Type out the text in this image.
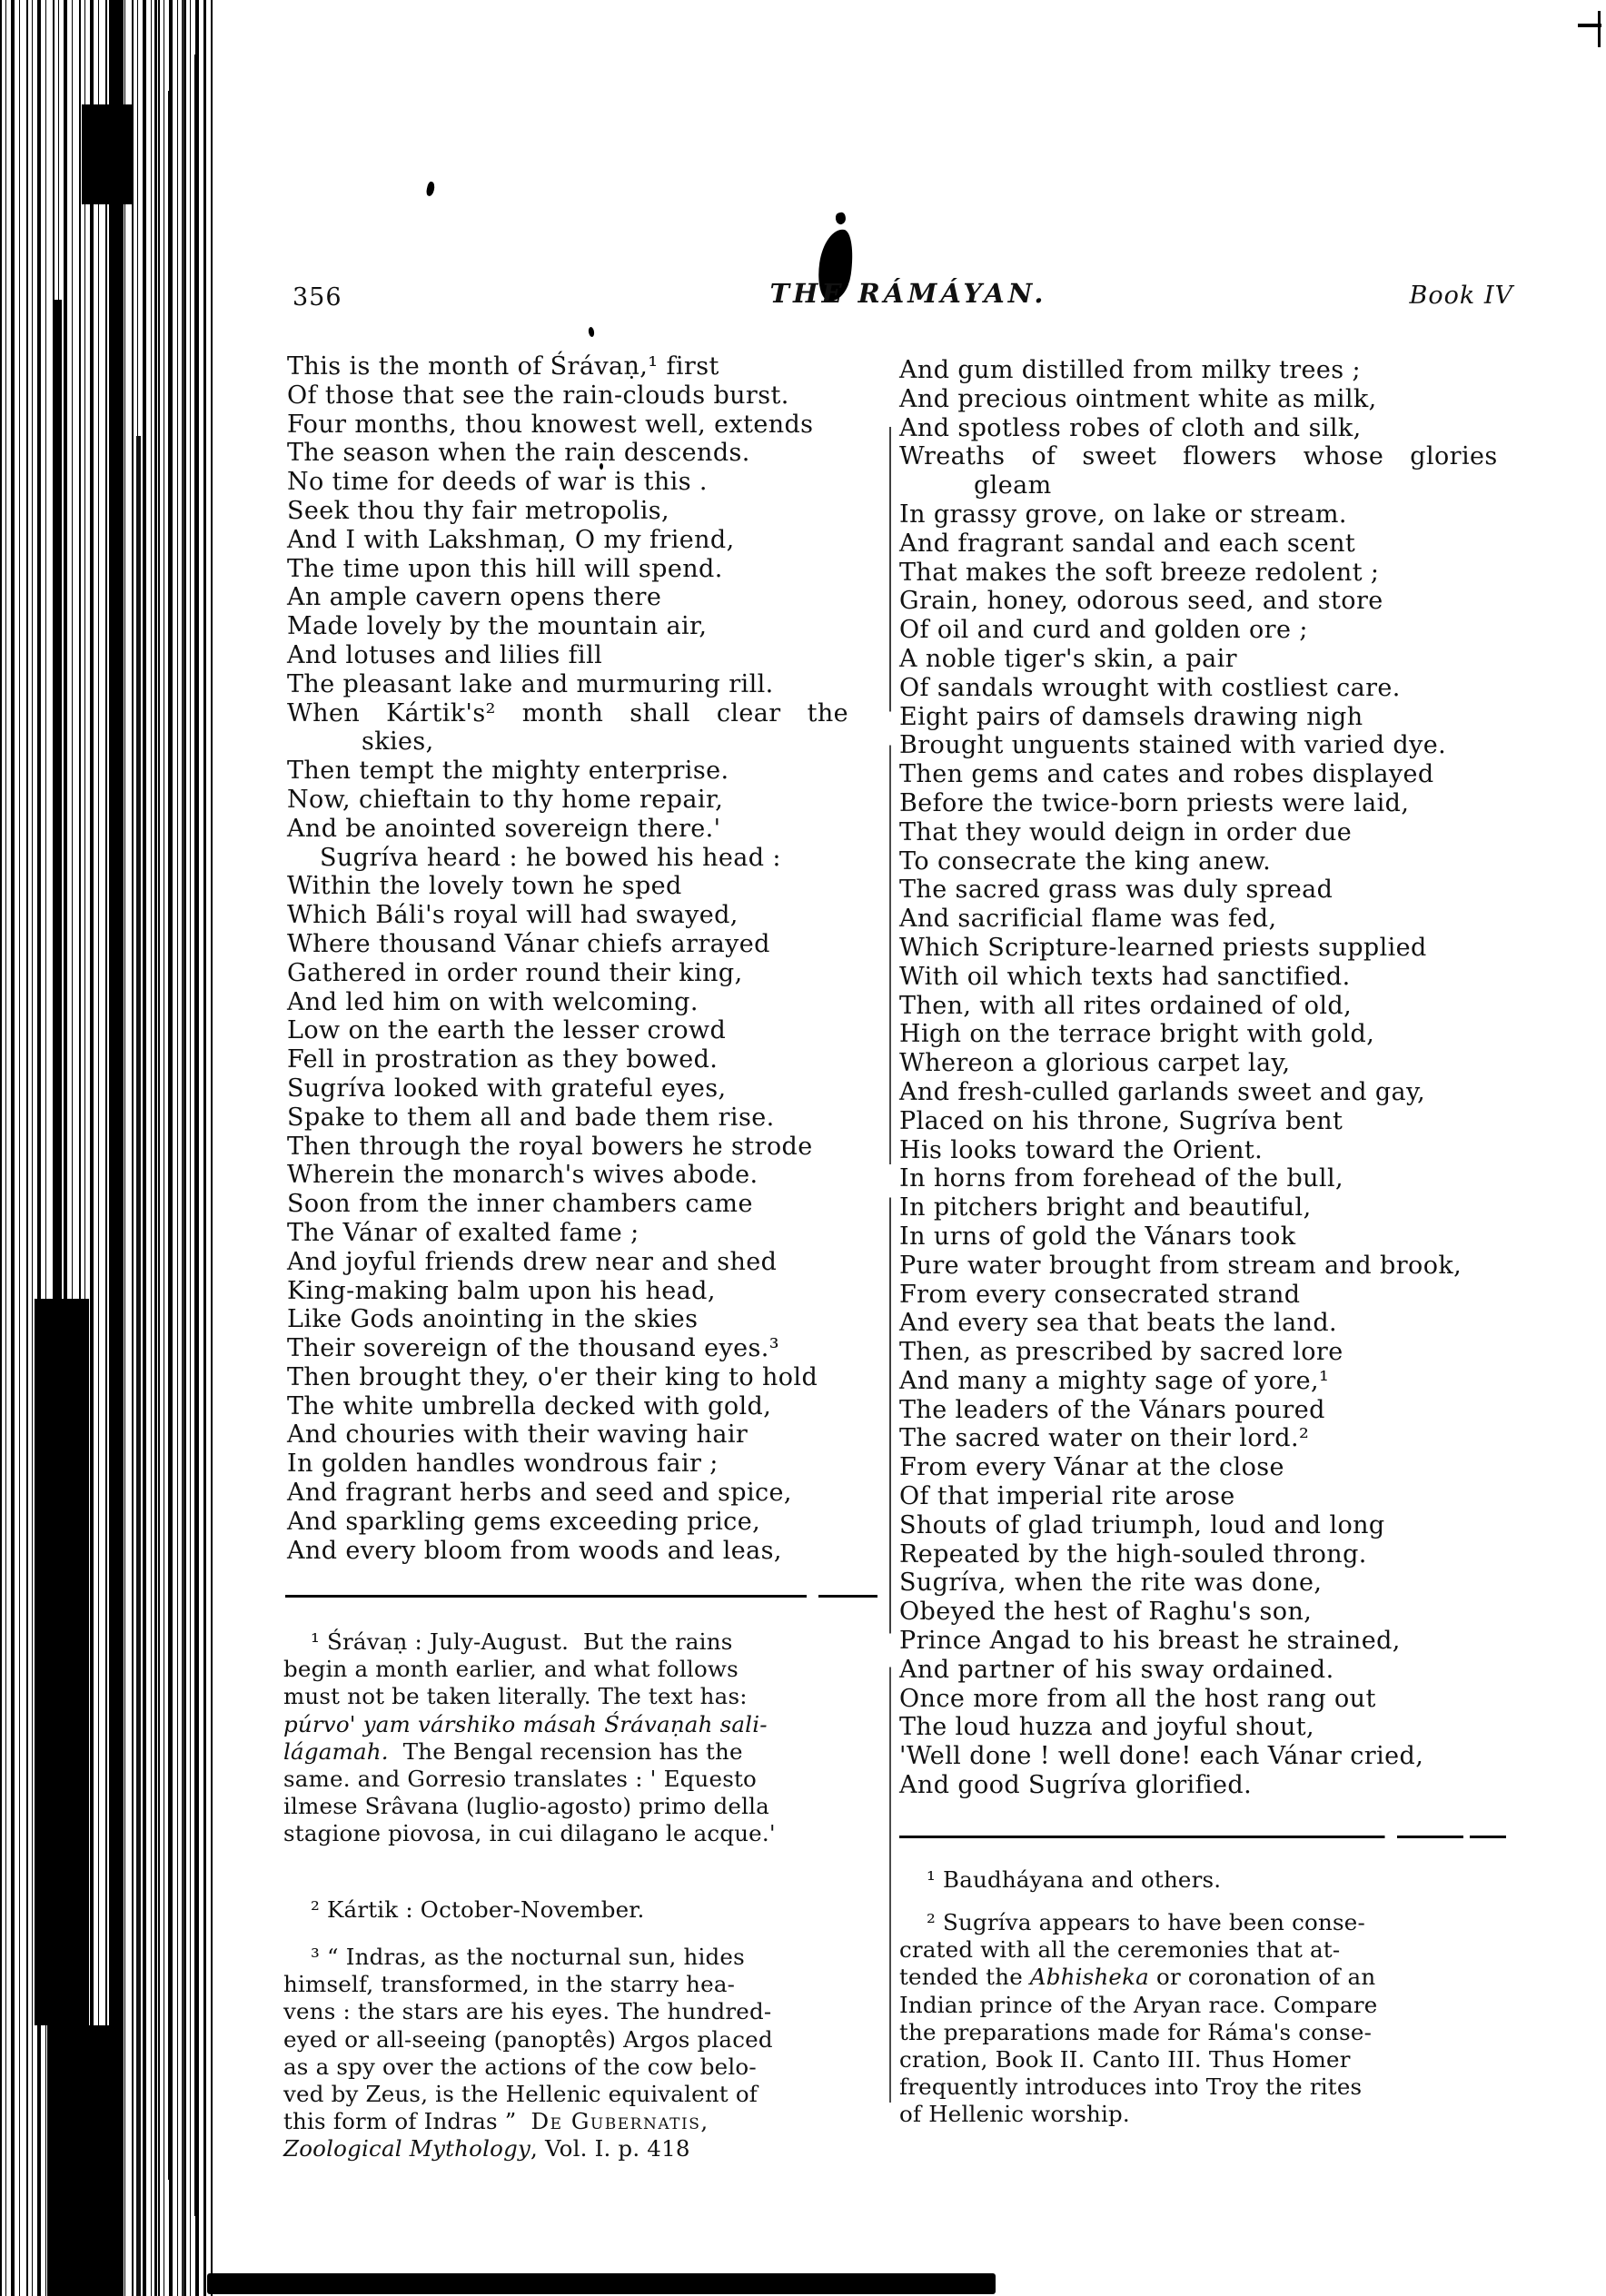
356	THE RÁMÁYAN.	Book IV
This is the month of Śrávaṇ,¹ first
Of those that see the rain-clouds burst.
Four months, thou knowest well, extends
The season when the rain descends.
No time for deeds of war is this .
Seek thou thy fair metropolis,
And I with Lakshmaṇ, O my friend,
The time upon this hill will spend.
An ample cavern opens there
Made lovely by the mountain air,
And lotuses and lilies fill
The pleasant lake and murmuring rill.
When Kártik's² month shall clear the
skies,
Then tempt the mighty enterprise.
Now, chieftain to thy home repair,
And be anointed sovereign there.'
Sugríva heard : he bowed his head :
Within the lovely town he sped
Which Báli's royal will had swayed,
Where thousand Vánar chiefs arrayed
Gathered in order round their king,
And led him on with welcoming.
Low on the earth the lesser crowd
Fell in prostration as they bowed.
Sugríva looked with grateful eyes,
Spake to them all and bade them rise.
Then through the royal bowers he strode
Wherein the monarch's wives abode.
Soon from the inner chambers came
The Vánar of exalted fame ;
And joyful friends drew near and shed
King-making balm upon his head,
Like Gods anointing in the skies
Their sovereign of the thousand eyes.³
Then brought they, o'er their king to hold
The white umbrella decked with gold,
And chouries with their waving hair
In golden handles wondrous fair ;
And fragrant herbs and seed and spice,
And sparkling gems exceeding price,
And every bloom from woods and leas,
¹ Śrávaṇ : July-August.  But the rains
begin a month earlier, and what follows
must not be taken literally. The text has:
púrvo' yam várshiko másah Śrávaṇah sali-
lágamah.  The Bengal recension has the
same. and Gorresio translates : ' Equesto
ilmese Srâvana (luglio-agosto) primo della
stagione piovosa, in cui dilagano le acque.'
² Kártik : October-November.
³ “ Indras, as the nocturnal sun, hides
himself, transformed, in the starry hea-
vens : the stars are his eyes. The hundred-
eyed or all-seeing (panoptês) Argos placed
as a spy over the actions of the cow belo-
ved by Zeus, is the Hellenic equivalent of
this form of Indras ”  De Gubernatis,
Zoological Mythology, Vol. I. p. 418
And gum distilled from milky trees ;
And precious ointment white as milk,
And spotless robes of cloth and silk,
Wreaths of sweet flowers whose glories
gleam
In grassy grove, on lake or stream.
And fragrant sandal and each scent
That makes the soft breeze redolent ;
Grain, honey, odorous seed, and store
Of oil and curd and golden ore ;
A noble tiger's skin, a pair
Of sandals wrought with costliest care.
Eight pairs of damsels drawing nigh
Brought unguents stained with varied dye.
Then gems and cates and robes displayed
Before the twice-born priests were laid,
That they would deign in order due
To consecrate the king anew.
The sacred grass was duly spread
And sacrificial flame was fed,
Which Scripture-learned priests supplied
With oil which texts had sanctified.
Then, with all rites ordained of old,
High on the terrace bright with gold,
Whereon a glorious carpet lay,
And fresh-culled garlands sweet and gay,
Placed on his throne, Sugríva bent
His looks toward the Orient.
In horns from forehead of the bull,
In pitchers bright and beautiful,
In urns of gold the Vánars took
Pure water brought from stream and brook,
From every consecrated strand
And every sea that beats the land.
Then, as prescribed by sacred lore
And many a mighty sage of yore,¹
The leaders of the Vánars poured
The sacred water on their lord.²
From every Vánar at the close
Of that imperial rite arose
Shouts of glad triumph, loud and long
Repeated by the high-souled throng.
Sugríva, when the rite was done,
Obeyed the hest of Raghu's son,
Prince Angad to his breast he strained,
And partner of his sway ordained.
Once more from all the host rang out
The loud huzza and joyful shout,
'Well done ! well done! each Vánar cried,
And good Sugríva glorified.
¹ Baudháyana and others.
² Sugríva appears to have been conse-
crated with all the ceremonies that at-
tended the Abhisheka or coronation of an
Indian prince of the Aryan race. Compare
the preparations made for Ráma's conse-
cration, Book II. Canto III. Thus Homer
frequently introduces into Troy the rites
of Hellenic worship.
